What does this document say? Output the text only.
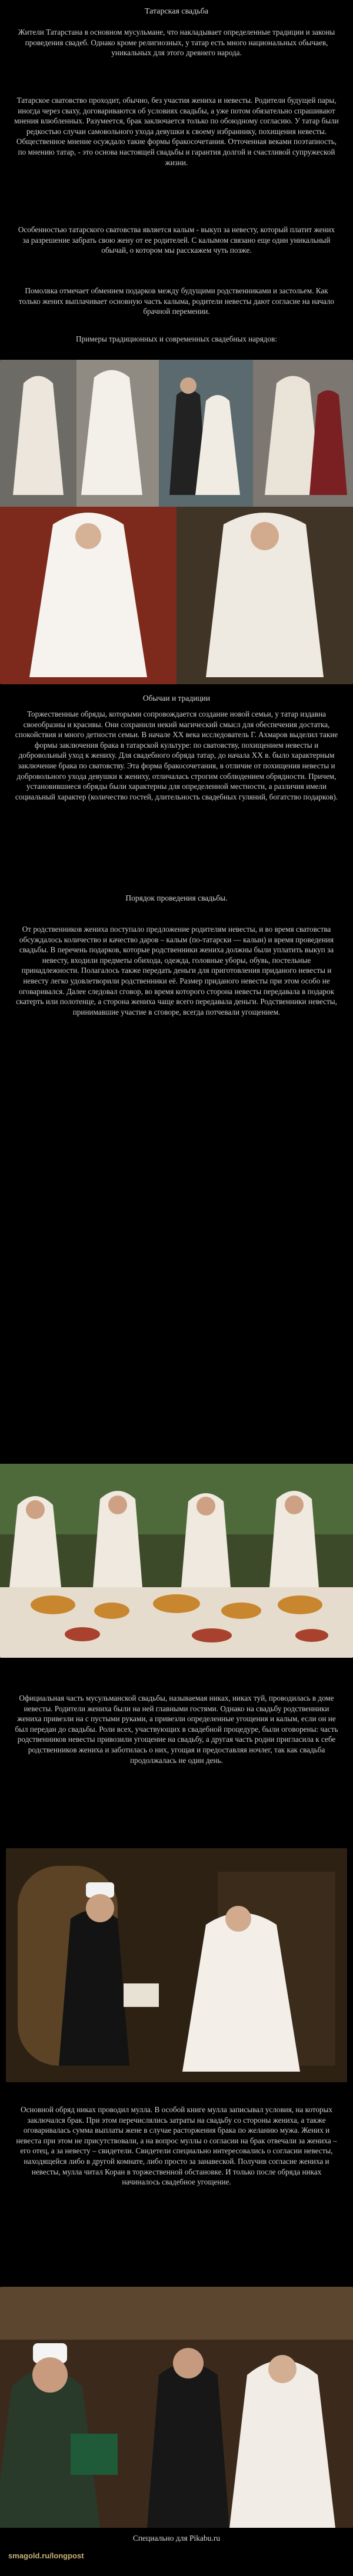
Татарская свадьба

Жители Татарстана в основном мусульмане, что накладывает определенные традиции и законы проведения свадеб. Однако кроме религиозных, у татар есть много национальных обычаев, уникальных для этого древнего народа.

Татарское сватовство проходит, обычно, без участия жениха и невесты. Родители будущей пары, иногда через сваху, договариваются об условиях свадьбы, а уже потом обязательно спрашивают мнения влюбленных. Разумеется, брак заключается только по обоюдному согласию. У татар были редкостью случаи самовольного ухода девушки к своему избраннику, похищения невесты. Общественное мнение осуждало такие формы бракосочетания. Отточенная веками поэтапность, по мнению татар, - это основа настоящей свадьбы и гарантия долгой и счастливой супружеской жизни.

Особенностью татарского сватовства является калым - выкуп за невесту, который платит жених за разрешение забрать свою жену от ее родителей. С калымом связано еще один уникальный обычай, о котором мы расскажем чуть позже.

Помолвка отмечает обмением подарков между будущими родственниками и застольем. Как только жених выплачивает основную часть калыма, родители невесты дают согласие на начало брачной перемении.

Примеры традиционных и современных свадебных нарядов:

Обычаи и традиции

Торжественные обряды, которыми сопровождается создание новой семьи, у татар издавна своеобразны и красивы. Они сохранили некий магический смысл для обеспечения достатка, спокойствия и много детности семьи. В начале XX века исследователь Г. Ахмаров выделил такие формы заключения брака в татарской культуре: по сватовству, похищением невесты и добровольный уход к жениху. Для свадебного обряда татар, до начала XX в. было характерным заключение брака по сватовству. Эта форма бракосочетания, в отличие от похищения невесты и добровольного ухода девушки к жениху, отличалась строгим соблюдением обрядности. Причем, установившиеся обряды были характерны для определенной местности, а различия имели социальный характер (количество гостей, длительность свадебных гуляний, богатство подарков).

Порядок проведения свадьбы.

От родственников жениха поступало предложение родителям невесты, и во время сватовства обсуждалось количество и качество даров – калым (по-татарски — калын) и время проведения свадьбы. В перечень подарков, которые родственники жениха должны были уплатить выкуп за невесту, входили предметы обихода, одежда, головные уборы, обувь, постельные принадлежности. Полагалось также передать деньги для приготовления приданого невесты и невесту легко удовлетворили родственники её. Размер приданого невесты при этом особо не оговаривался. Далее следовал сговор, во время которого сторона невесты передавала в подарок скатерть или полотенце, а сторона жениха чаще всего передавала деньги. Родственники невесты, принимавшие участие в сговоре, всегда потчевали угощением.

Официальная часть мусульманской свадьбы, называемая никах, никах туй, проводилась в доме невесты. Родители жениха были на ней главными гостями. Однако на свадьбу родственники жениха привезли на с пустыми руками, а привезли определенные угощения и калым, если он не был передан до свадьбы. Роли всех, участвующих в свадебной процедуре, были оговорены: часть родственников невесты привозили угощение на свадьбу, а другая часть родни пригласила к себе родственников жениха и заботилась о них, угощая и предоставляя ночлег, так как свадьба продолжалась не один день.

Основной обряд никах проводил мулла. В особой книге мулла записывал условия, на которых заключался брак. При этом перечислялись затраты на свадьбу со стороны жениха, а также оговаривалась сумма выплаты жене в случае расторжения брака по желанию мужа. Жених и невеста при этом не присутствовали, а на вопрос муллы о согласии на брак отвечали за жениха – его отец, а за невесту – свидетели. Свидетели специально интересовались о согласии невесты, находящейся либо в другой комнате, либо просто за занавеской. Получив согласие жениха и невесты, мулла читал Коран в торжественной обстановке. И только после обряда никах начиналось свадебное угощение.

Специально для Pikabu.ru
smagold.ru/longpost
